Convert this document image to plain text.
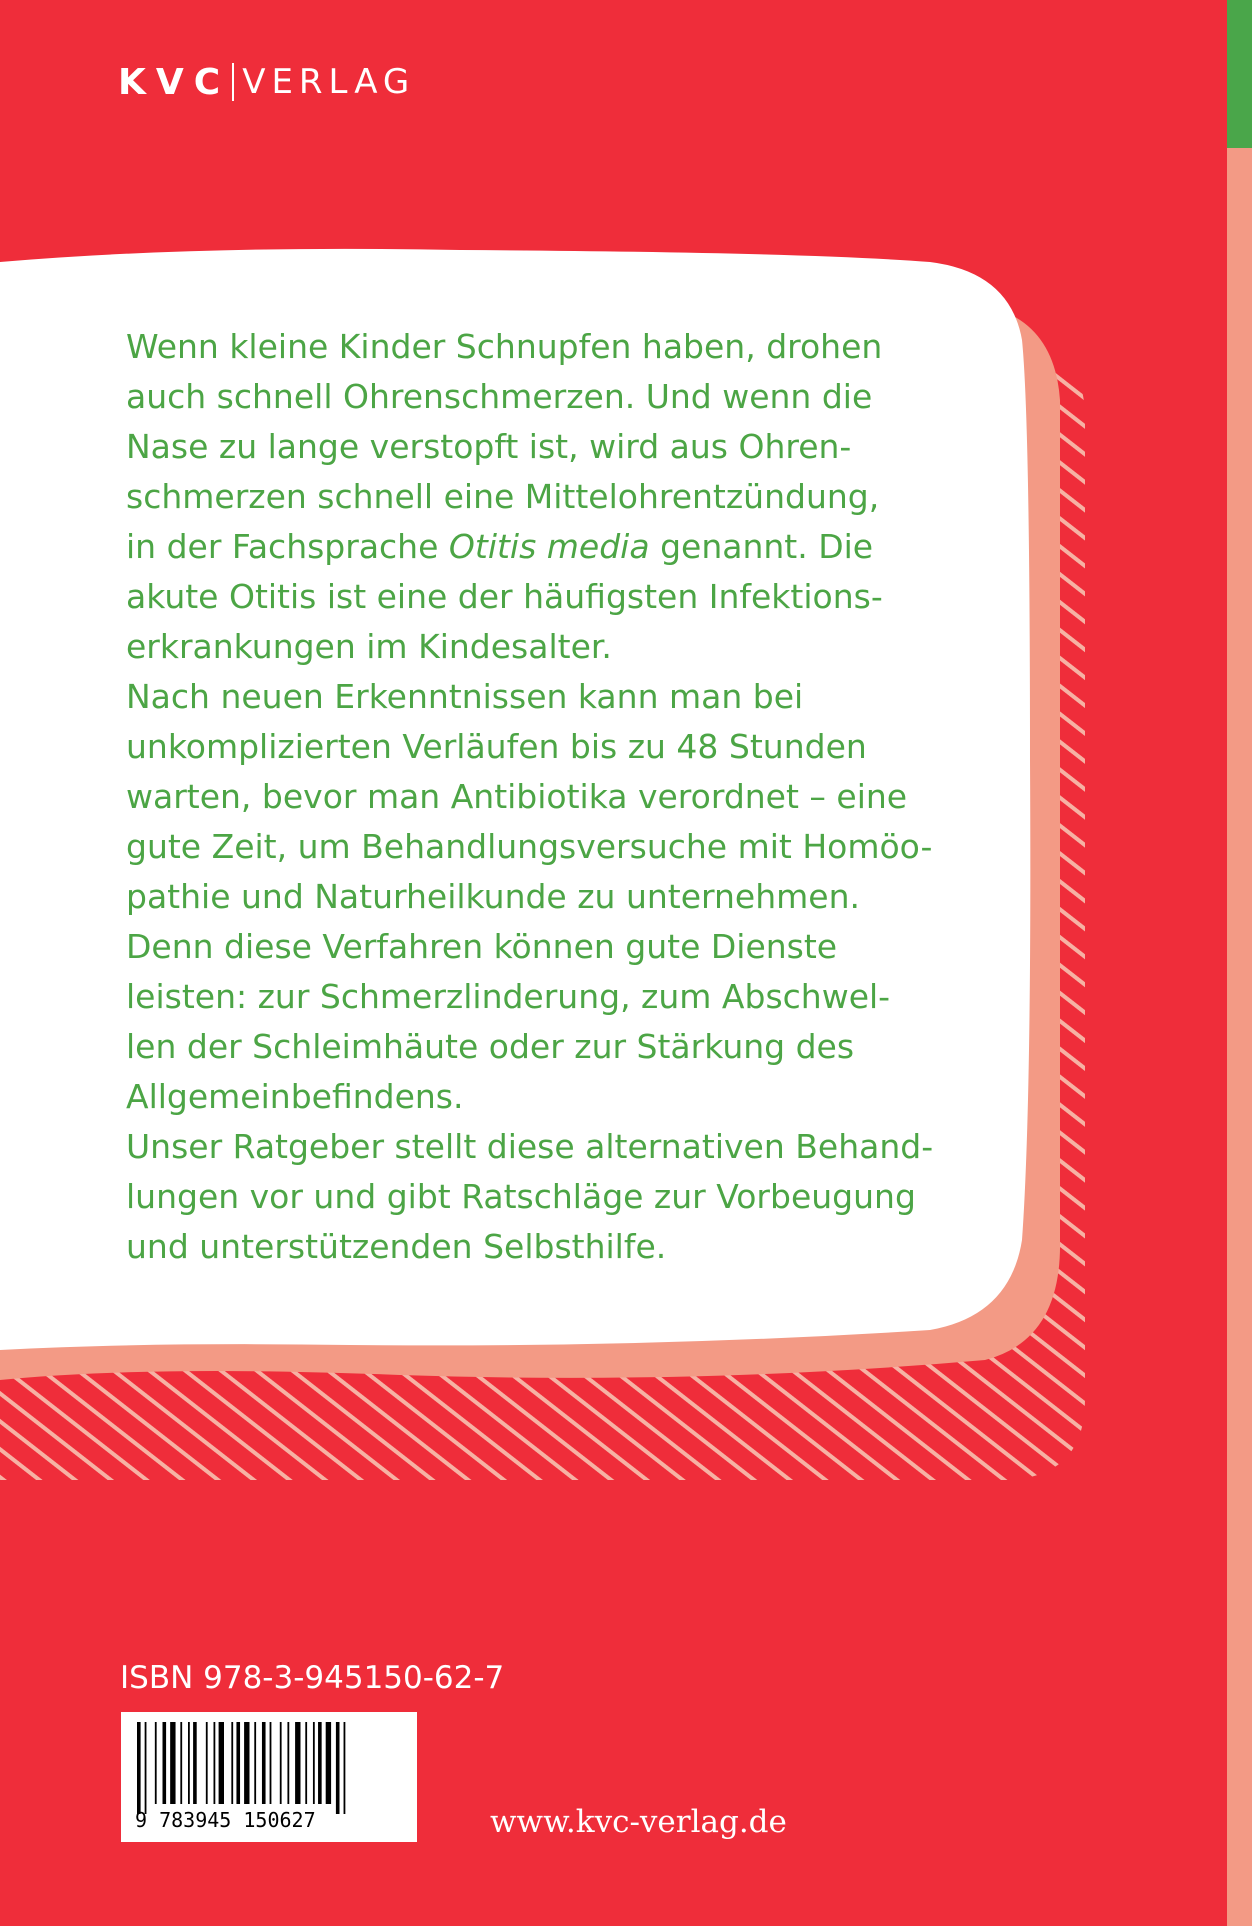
KVC VERLAG
Wenn kleine Kinder Schnupfen haben, drohen
auch schnell Ohrenschmerzen. Und wenn die
Nase zu lange verstopft ist, wird aus Ohren-
schmerzen schnell eine Mittelohrentzündung,
in der Fachsprache Otitis media genannt. Die
akute Otitis ist eine der häufigsten Infektions-
erkrankungen im Kindesalter.
Nach neuen Erkenntnissen kann man bei
unkomplizierten Verläufen bis zu 48 Stunden
warten, bevor man Antibiotika verordnet – eine
gute Zeit, um Behandlungsversuche mit Homöo-
pathie und Naturheilkunde zu unternehmen.
Denn diese Verfahren können gute Dienste
leisten: zur Schmerzlinderung, zum Abschwel-
len der Schleimhäute oder zur Stärkung des
Allgemeinbefindens.
Unser Ratgeber stellt diese alternativen Behand-
lungen vor und gibt Ratschläge zur Vorbeugung
und unterstützenden Selbsthilfe.
ISBN 978-3-945150-62-7
9 783945 150627	www.kvc-verlag.de
